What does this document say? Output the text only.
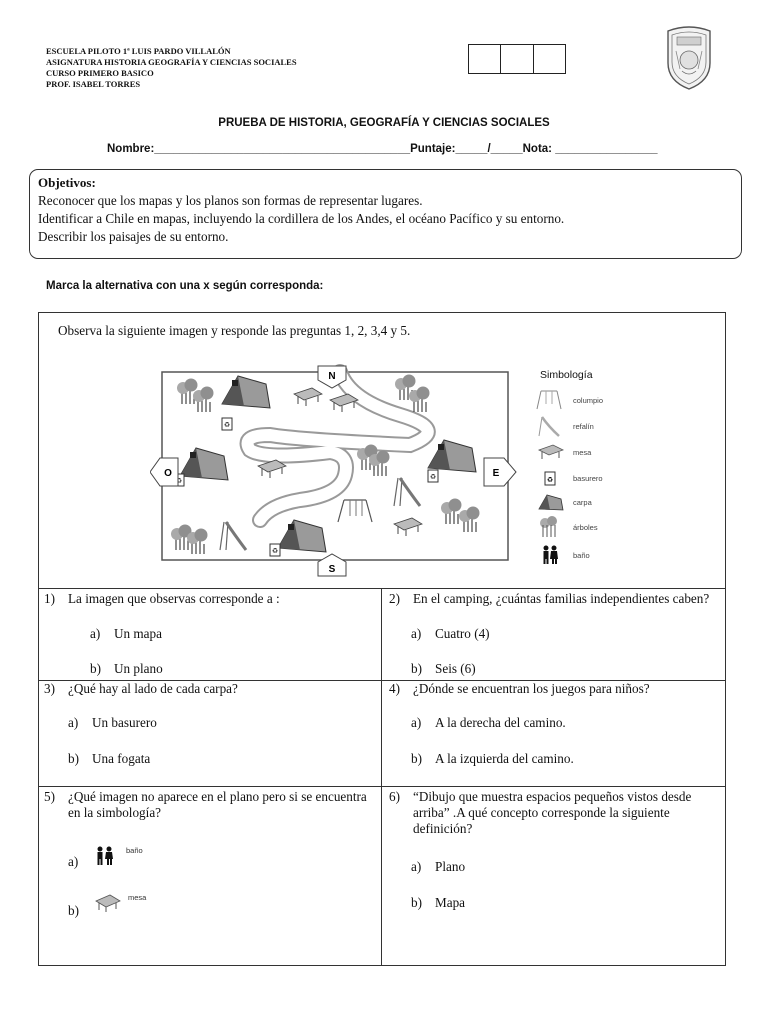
ESCUELA PILOTO 1ª LUIS PARDO VILLALÓN
ASIGNATURA HISTORIA GEOGRAFÍA Y CIENCIAS SOCIALES
CURSO PRIMERO BASICO
PROF. ISABEL TORRES
PRUEBA DE HISTORIA, GEOGRAFÍA Y CIENCIAS SOCIALES
Nombre:________________________________________Puntaje:_____/_____Nota: ________________
Objetivos:
Reconocer que los mapas y los planos son formas de representar lugares.
Identificar a Chile en mapas, incluyendo la cordillera de los Andes, el océano Pacífico y su entorno.
Describir los paisajes de su entorno.
Marca la alternativa con una x según corresponda:
Observa la siguiente imagen y responde las preguntas 1, 2, 3,4 y 5.
♻
N
S
O	E
Simbología
columpio
refalín
mesa
♻	basurero
carpa
árboles
baño
1) La imagen que observas corresponde a :
a) Un mapa
b) Un plano
2) En el camping, ¿cuántas familias independientes caben?
a) Cuatro (4)
b) Seis (6)
3) ¿Qué hay al lado de cada carpa?
a) Un basurero
b) Una fogata
4) ¿Dónde se encuentran los juegos para niños?
a) A la derecha del camino.
b) A la izquierda del camino.
5) ¿Qué imagen no aparece en el plano pero si se encuentra en la simbología?
a)
baño
b)
mesa
6) “Dibujo que muestra espacios pequeños vistos desde arriba” .A qué concepto corresponde la siguiente definición?
a) Plano
b) Mapa
